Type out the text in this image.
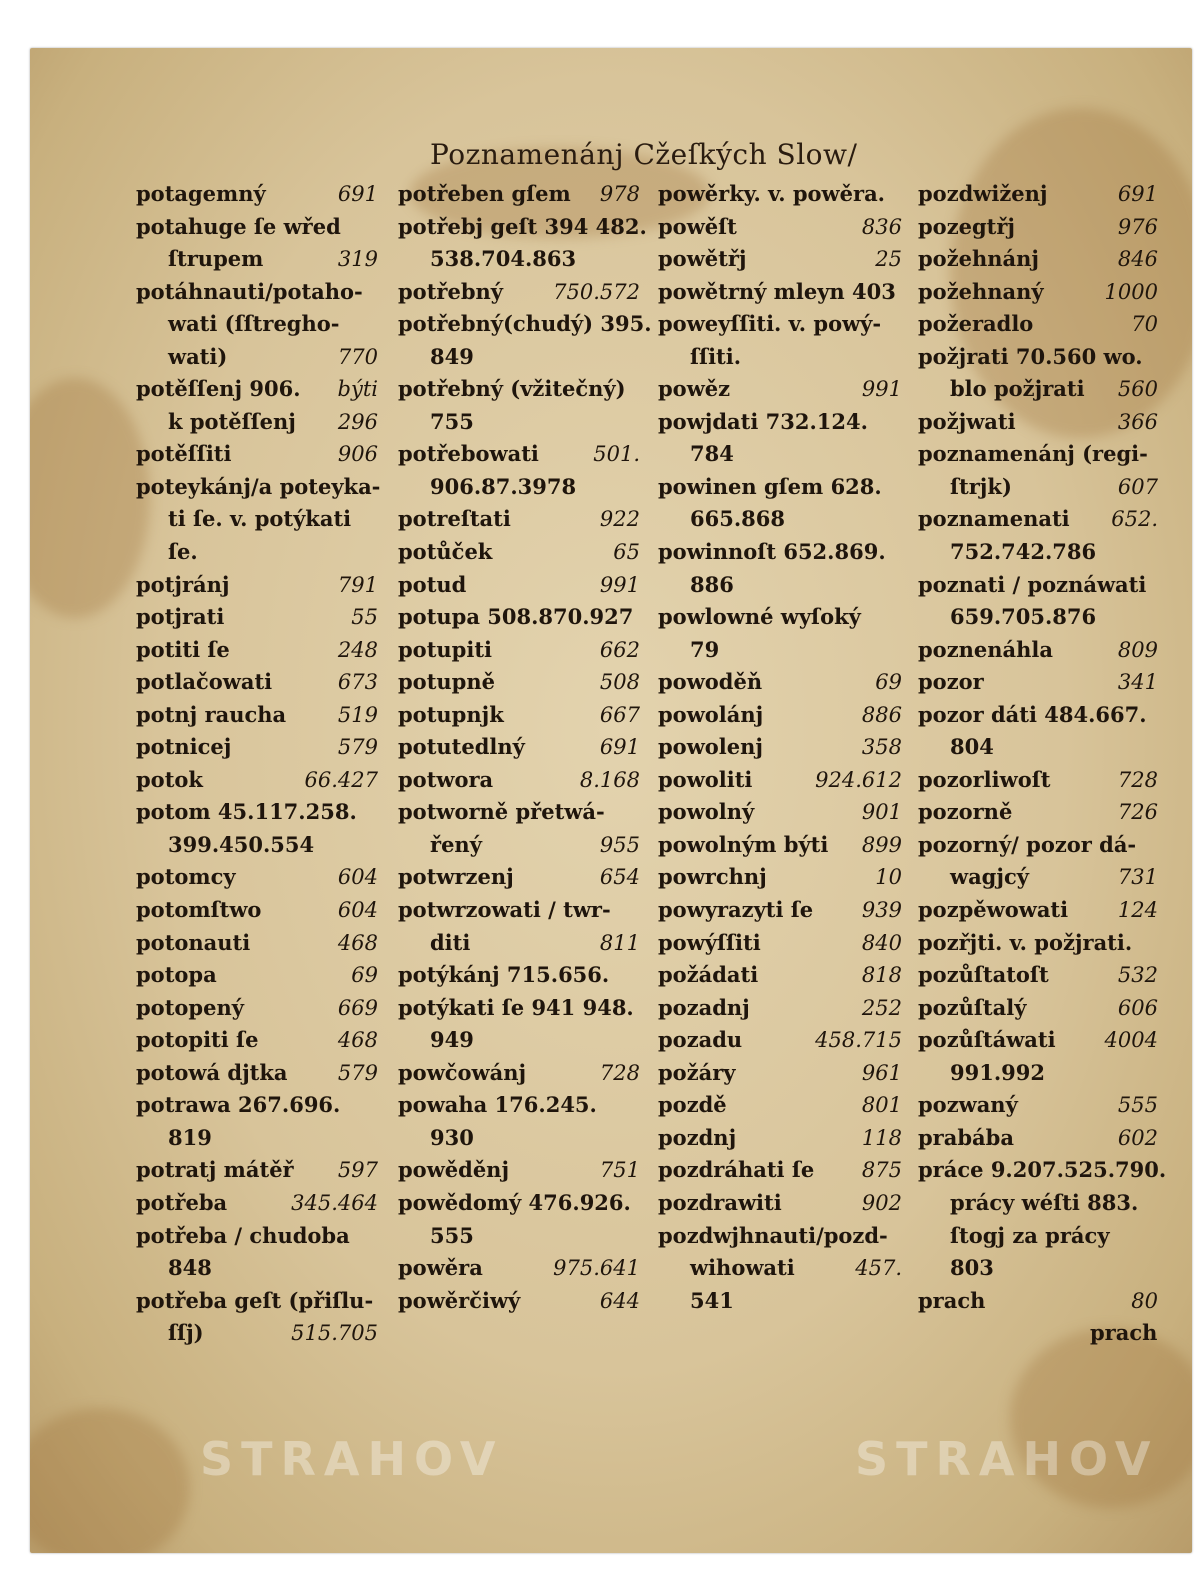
Poznamenánj Cžeſkých Slow/
potagemný	691
potahuge ſe wřed
ſtrupem	319
potáhnauti/potaho-
wati (ſſtregho-
wati)	770
potěſſenj 906. býti
k potěſſenj 296
potěſſiti	906
poteykánj/a poteyka-
ti ſe. v. potýkati
ſe.
potjránj	791
potjrati	55
potiti ſe	248
potlačowati	673
potnj raucha 519
potnicej	579
potok	66.427
potom 45.117.258.
399.450.554
potomcy	604
potomſtwo	604
potonauti	468
potopa	69
potopený	669
potopiti ſe	468
potowá djtka 579
potrawa 267.696.
819
potratj mátěř 597
potřeba	345.464
potřeba / chudoba
848
potřeba geſt (přiſlu-
ſſj)	515.705
potřeben gſem 978
potřebj geſt 394 482.
538.704.863
potřebný 750.572
potřebný(chudý) 395.
849
potřebný (vžitečný)
755
potřebowati	501.
906.87.3978
potreſtati	922
potůček	65
potud	991
potupa 508.870.927
potupiti	662
potupně	508
potupnjk	667
potutedlný	691
potwora	8.168
potworně přetwá-
řený	955
potwrzenj	654
potwrzowati / twr-
diti	811
potýkánj 715.656.
potýkati ſe 941 948.
949
powčowánj	728
powaha 176.245.
930
powěděnj	751
powědomý 476.926.
555
powěra	975.641
powěrčiwý	644
powěrky. v. powěra.
powěſt	836
powětřj	25
powětrný mleyn 403
poweyſſiti. v. powý-
ſſiti.
powěz	991
powjdati 732.124.
784
powinen gſem 628.
665.868
powinnoſt 652.869.
886
powlowné wyſoký
79
powoděň	69
powolánj	886
powolenj	358
powoliti	924.612
powolný	901
powolným býti 899
powrchnj	10
powyrazyti ſe 939
powýſſiti	840
požádati	818
pozadnj	252
pozadu	458.715
požáry	961
pozdě	801
pozdnj	118
pozdráhati ſe 875
pozdrawiti	902
pozdwjhnauti/pozd-
wihowati	457.
541
pozdwiženj	691
pozegtřj	976
požehnánj	846
požehnaný	1000
požeradlo	70
požjrati 70.560 wo.
blo požjrati 560
požjwati	366
poznamenánj (regi-
ſtrjk)	607
poznamenati 652.
752.742.786
poznati / poznáwati
659.705.876
poznenáhla	809
pozor	341
pozor dáti 484.667.
804
pozorliwoſt	728
pozorně	726
pozorný/ pozor dá-
wagjcý	731
pozpěwowati 124
pozřjti. v. požjrati.
pozůſtatoſt	532
pozůſtalý	606
pozůſtáwati 4004
991.992
pozwaný	555
prabába	602
práce 9.207.525.790.
prácy wéſti 883.
ſtogj za prácy
803
prach	80
prach
STRAHOV	STRAHOV
